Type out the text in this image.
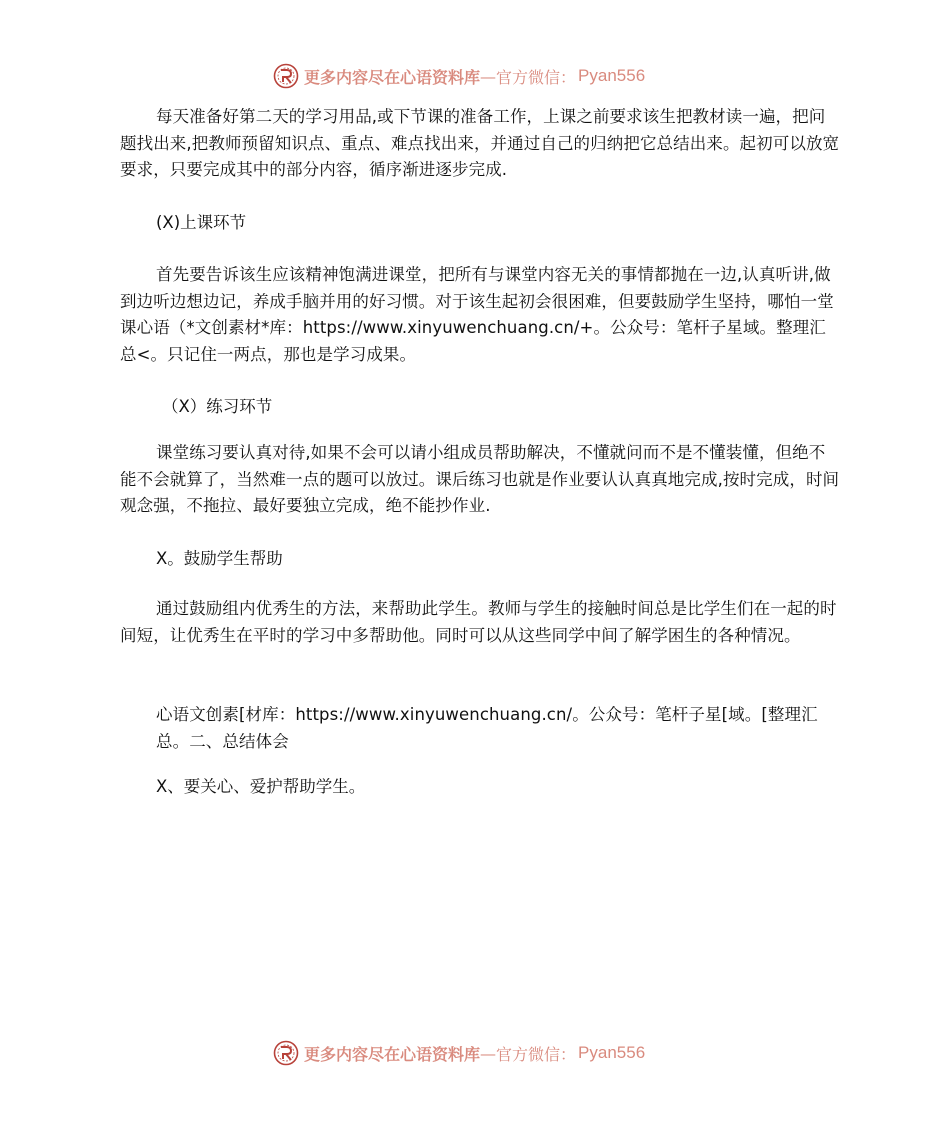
更多内容尽在心语资料库 — 官方微信： Pyan556
每天准备好第二天的学习用品,或下节课的准备工作，上课之前要求该生把教材读一遍，把问题找出来,把教师预留知识点、重点、难点找出来，并通过自己的归纳把它总结出来。起初可以放宽要求，只要完成其中的部分内容，循序渐进逐步完成.
(X)上课环节
首先要告诉该生应该精神饱满进课堂，把所有与课堂内容无关的事情都抛在一边,认真听讲,做到边听边想边记，养成手脑并用的好习惯。对于该生起初会很困难，但要鼓励学生坚持，哪怕一堂课心语（*文创素材*库：https://www.xinyuwenchuang.cn/+。公众号：笔杆子星域。整理汇总<。只记住一两点，那也是学习成果。
（X）练习环节
课堂练习要认真对待,如果不会可以请小组成员帮助解决，不懂就问而不是不懂装懂，但绝不能不会就算了，当然难一点的题可以放过。课后练习也就是作业要认认真真地完成,按时完成，时间观念强，不拖拉、最好要独立完成，绝不能抄作业.
X。鼓励学生帮助
通过鼓励组内优秀生的方法，来帮助此学生。教师与学生的接触时间总是比学生们在一起的时间短，让优秀生在平时的学习中多帮助他。同时可以从这些同学中间了解学困生的各种情况。
心语文创素[材库：https://www.xinyuwenchuang.cn/。公众号：笔杆子星[域。[整理汇总。二、总结体会
X、要关心、爱护帮助学生。
更多内容尽在心语资料库 — 官方微信： Pyan556
